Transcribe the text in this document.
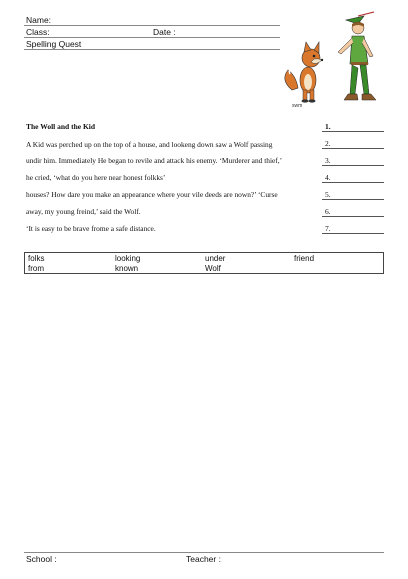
Name:
Class:	Date :
Spelling Quest
swm
The Woll and the Kid
A Kid was perched up on the top of a house, and lookeng down saw a Wolf passing
undir him. Immediately He began to revile and attack his enemy. ‘Murderer and thief,’
he cried, ‘what do you here near honest folkks’
houses? How dare you make an appearance where your vile deeds are nown?’ ‘Curse
away, my young freind,’ said the Wolf.
‘It is easy to be brave frome a safe distance.
1.
2.
3.
4.
5.
6.
7.
folks	looking	under	friend
from	known	Wolf
School :	Teacher :
